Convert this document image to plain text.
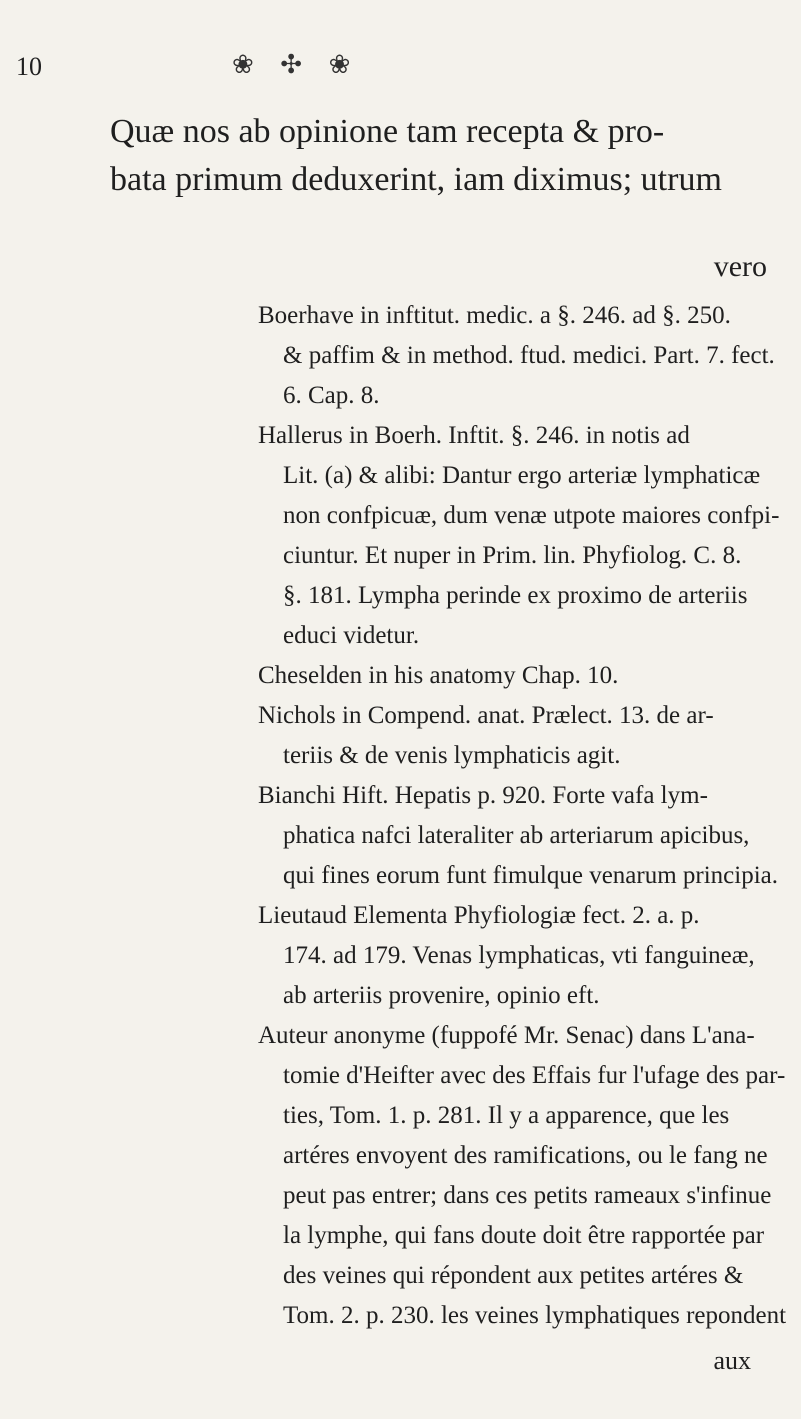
10	❀ ✣ ❀
Quæ nos ab opinione tam recepta & pro-
bata primum deduxerint, iam diximus; utrum
vero
Boerhave in inftitut. medic. a §. 246. ad §. 250.
& paffim & in method. ftud. medici. Part. 7. fect.
6. Cap. 8.
Hallerus in Boerh. Inftit. §. 246. in notis ad
Lit. (a) & alibi: Dantur ergo arteriæ lymphaticæ
non confpicuæ, dum venæ utpote maiores confpi-
ciuntur. Et nuper in Prim. lin. Phyfiolog. C. 8.
§. 181. Lympha perinde ex proximo de arteriis
educi videtur.
Cheselden in his anatomy Chap. 10.
Nichols in Compend. anat. Prælect. 13. de ar-
teriis & de venis lymphaticis agit.
Bianchi Hift. Hepatis p. 920. Forte vafa lym-
phatica nafci lateraliter ab arteriarum apicibus,
qui fines eorum funt fimulque venarum principia.
Lieutaud Elementa Phyfiologiæ fect. 2. a. p.
174. ad 179. Venas lymphaticas, vti fanguineæ,
ab arteriis provenire, opinio eft.
Auteur anonyme (fuppofé Mr. Senac) dans L'ana-
tomie d'Heifter avec des Effais fur l'ufage des par-
ties, Tom. 1. p. 281. Il y a apparence, que les
artéres envoyent des ramifications, ou le fang ne
peut pas entrer; dans ces petits rameaux s'infinue
la lymphe, qui fans doute doit être rapportée par
des veines qui répondent aux petites artéres &
Tom. 2. p. 230. les veines lymphatiques repondent
aux
